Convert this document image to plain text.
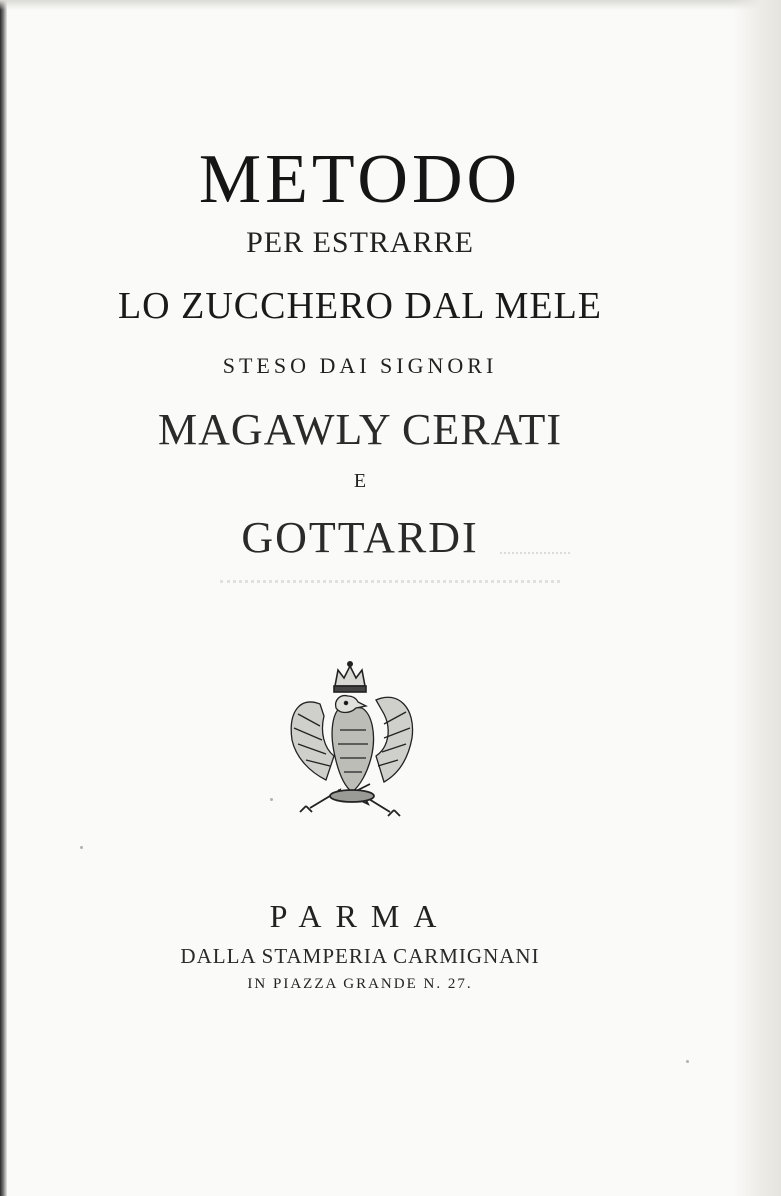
METODO

PER ESTRARRE

LO ZUCCHERO DAL MELE

STESO DAI SIGNORI

MAGAWLY CERATI

E

GOTTARDI

PARMA

DALLA STAMPERIA CARMIGNANI

IN PIAZZA GRANDE N. 27.
